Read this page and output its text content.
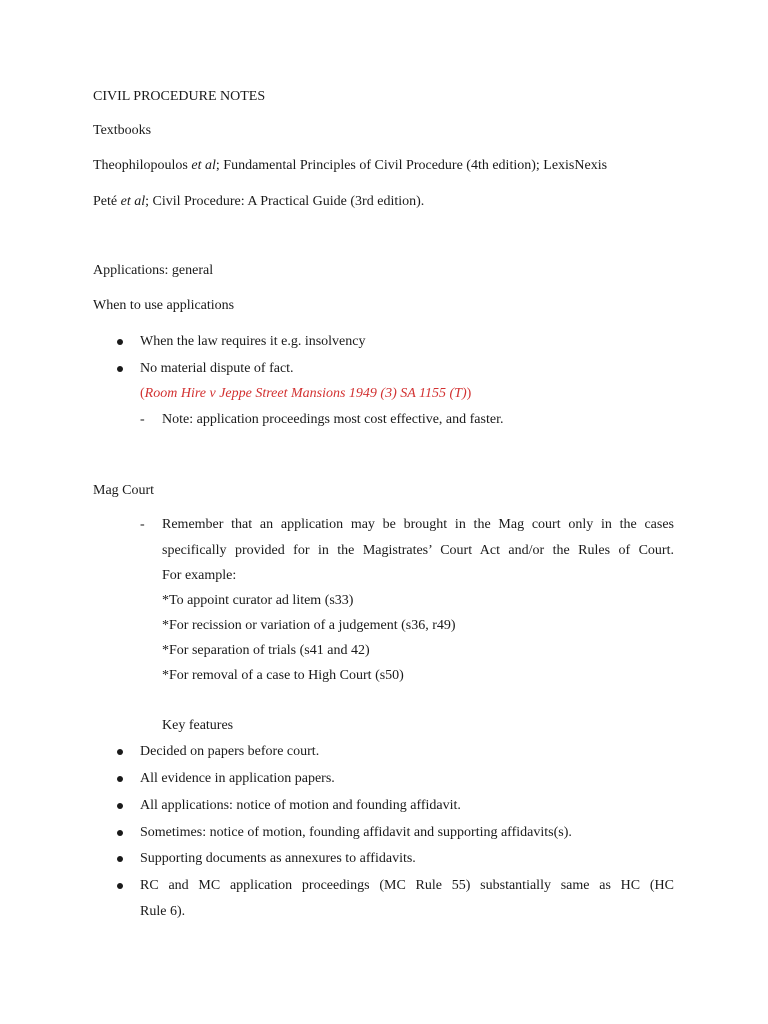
CIVIL PROCEDURE NOTES
Textbooks
Theophilopoulos et al; Fundamental Principles of Civil Procedure (4th edition); LexisNexis
Peté et al; Civil Procedure: A Practical Guide (3rd edition).
Applications: general
When to use applications
When the law requires it e.g. insolvency
No material dispute of fact.
(Room Hire v Jeppe Street Mansions 1949 (3) SA 1155 (T))
- Note: application proceedings most cost effective, and faster.
Mag Court
- Remember that an application may be brought in the Mag court only in the cases
specifically provided for in the Magistrates’ Court Act and/or the Rules of Court.
For example:
*To appoint curator ad litem (s33)
*For recission or variation of a judgement (s36, r49)
*For separation of trials (s41 and 42)
*For removal of a case to High Court (s50)
Key features
Decided on papers before court.
All evidence in application papers.
All applications: notice of motion and founding affidavit.
Sometimes: notice of motion, founding affidavit and supporting affidavits(s).
Supporting documents as annexures to affidavits.
RC and MC application proceedings (MC Rule 55) substantially same as HC (HC
Rule 6).
